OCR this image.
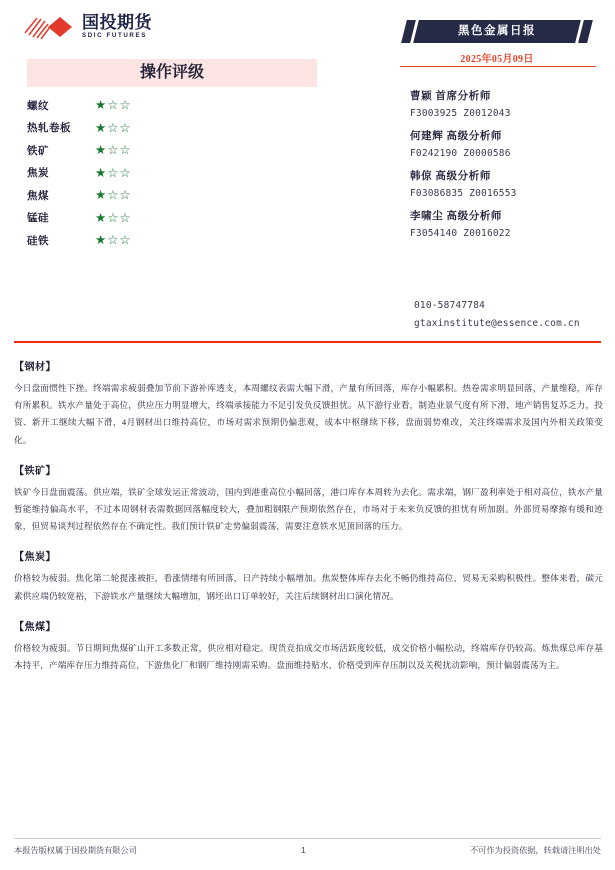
国投期货
SDIC FUTURES
操作评级
螺纹	★☆☆
热轧卷板	★☆☆
铁矿	★☆☆
焦炭	★☆☆
焦煤	★☆☆
锰硅	★☆☆
硅铁	★☆☆
黑色金属日报
2025年05月09日
曹颖 首席分析师
F3003925 Z0012043
何建辉 高级分析师
F0242190 Z0000586
韩倞 高级分析师
F03086835 Z0016553
李啸尘 高级分析师
F3054140 Z0016022
010-58747784
gtaxinstitute@essence.com.cn
【钢材】
今日盘面惯性下挫。终端需求疲弱叠加节前下游补库透支，本周螺纹表需大幅下滑，产量有所回落，库存小幅累积。热卷需求明显回落，产量维稳，库存有所累积。铁水产量处于高位，供应压力明显增大，终端承接能力不足引发负反馈担忧。从下游行业看，制造业景气度有所下滑，地产销售复苏乏力，投资、新开工继续大幅下滑，4月钢材出口维持高位，市场对需求预期仍偏悲观，成本中枢继续下移，盘面弱势难改，关注终端需求及国内外相关政策变化。
【铁矿】
铁矿今日盘面震荡。供应端，铁矿全球发运正常波动，国内到港重高位小幅回落，港口库存本周转为去化。需求端，钢厂盈利率处于相对高位，铁水产量暂能维持偏高水平，不过本周钢材表需数据回落幅度较大，叠加粗钢限产预期依然存在，市场对于未来负反馈的担忧有所加剧。外部贸易摩擦有缓和迹象，但贸易谈判过程依然存在不确定性。我们预计铁矿走势偏弱震荡，需要注意铁水见顶回落的压力。
【焦炭】
价格较为疲弱。焦化第二轮提涨被拒，看涨情绪有所回落，日产持续小幅增加。焦炭整体库存去化不畅仍维持高位，贸易无采购积极性。整体来看，碳元素供应端仍较宽裕，下游铁水产量继续大幅增加，钢坯出口订单较好，关注后续钢材出口演化情况。
【焦煤】
价格较为疲弱。节日期间焦煤矿山开工多数正常，供应相对稳定。现货竞拍成交市场活跃度较低，成交价格小幅松动，终端库存仍较高。炼焦煤总库存基本持平，产端库存压力维持高位，下游焦化厂和钢厂维持刚需采购。盘面维持贴水，价格受到库存压制以及关税扰动影响，预计偏弱震荡为主。
本报告版权属于国投期货有限公司	1	不可作为投资依据，转载请注明出处
